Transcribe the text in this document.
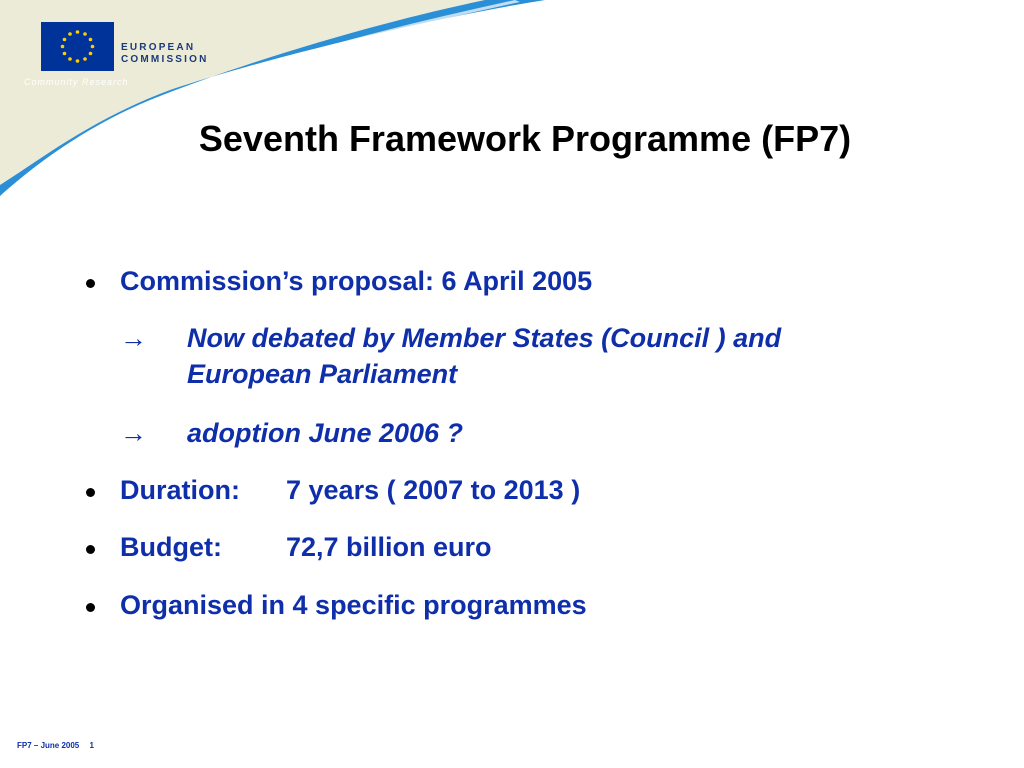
EUROPEAN
COMMISSION
Community Research
Seventh Framework Programme (FP7)
Commission’s proposal: 6 April 2005
→ Now debated by Member States (Council ) and
European Parliament
→ adoption June 2006 ?
Duration: 7 years ( 2007 to 2013 )
Budget: 72,7 billion euro
Organised in 4 specific programmes
FP7 – June 2005 1
